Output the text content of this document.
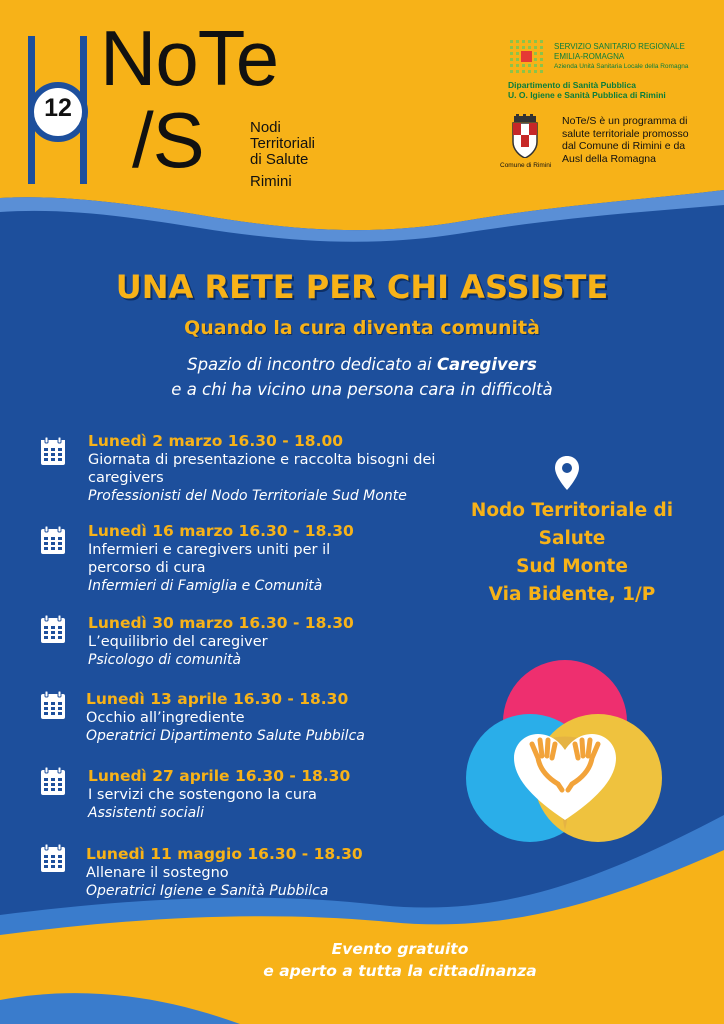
12
NoTe
/S	Nodi
Territoriali
di Salute
Rimini
SERVIZIO SANITARIO REGIONALE
EMILIA-ROMAGNA
Azienda Unità Sanitaria Locale della Romagna
Dipartimento di Sanità Pubblica
U. O. Igiene e Sanità Pubblica di Rimini
Comune di Rimini
NoTe/S è un programma di
salute territoriale promosso
dal Comune di Rimini e da
Ausl della Romagna
UNA RETE PER CHI ASSISTE
Quando la cura diventa comunità
Spazio di incontro dedicato ai Caregivers
e a chi ha vicino una persona cara in difficoltà
Lunedì 2 marzo 16.30 - 18.00
Giornata di presentazione e raccolta bisogni dei
caregivers
Professionisti del Nodo Territoriale Sud Monte
Lunedì 16 marzo 16.30 - 18.30
Infermieri e caregivers uniti per il
percorso di cura
Infermieri di Famiglia e Comunità
Lunedì 30 marzo 16.30 - 18.30
L’equilibrio del caregiver
Psicologo di comunità
Lunedì 13 aprile 16.30 - 18.30
Occhio all’ingrediente
Operatrici Dipartimento Salute Pubbilca
Lunedì 27 aprile 16.30 - 18.30
I servizi che sostengono la cura
Assistenti sociali
Lunedì 11 maggio 16.30 - 18.30
Allenare il sostegno
Operatrici Igiene e Sanità Pubbilca
Nodo Territoriale di
Salute
Sud Monte
Via Bidente, 1/P
Evento gratuito
e aperto a tutta la cittadinanza
